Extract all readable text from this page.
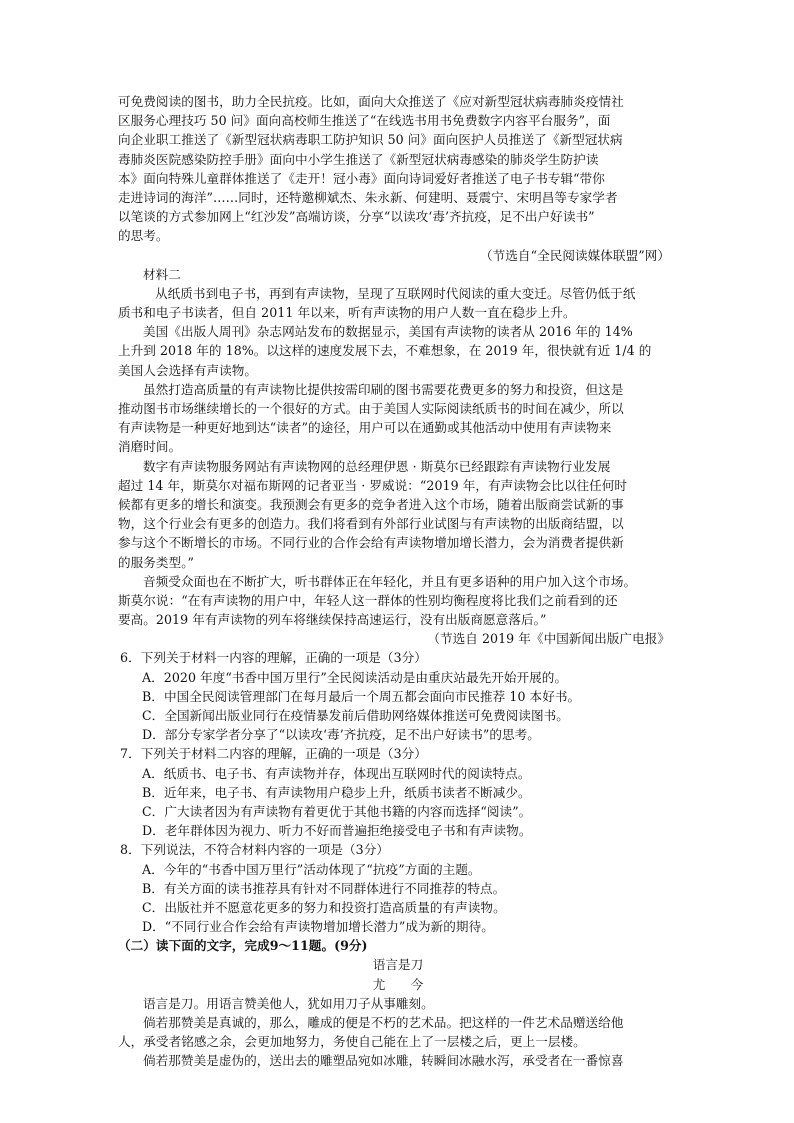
可免费阅读的图书，助力全民抗疫。比如，面向大众推送了《应对新型冠状病毒肺炎疫情社
区服务心理技巧 50 问》面向高校师生推送了“在线选书用书免费数字内容平台服务”，面
向企业职工推送了《新型冠状病毒职工防护知识 50 问》面向医护人员推送了《新型冠状病
毒肺炎医院感染防控手册》面向中小学生推送了《新型冠状病毒感染的肺炎学生防护读
本》面向特殊儿童群体推送了《走开！冠小毒》面向诗词爱好者推送了电子书专辑“带你
走进诗词的海洋”……同时，还特邀柳斌杰、朱永新、何建明、聂震宁、宋明昌等专家学者
以笔谈的方式参加网上“红沙发”高端访谈，分享“以读攻‘毒’齐抗疫，足不出户好读书”
的思考。
（节选自“全民阅读媒体联盟”网）
材料二
从纸质书到电子书，再到有声读物，呈现了互联网时代阅读的重大变迁。尽管仍低于纸
质书和电子书读者，但自 2011 年以来，听有声读物的用户人数一直在稳步上升。
美国《出版人周刊》杂志网站发布的数据显示，美国有声读物的读者从 2016 年的 14%
上升到 2018 年的 18%。以这样的速度发展下去，不难想象，在 2019 年，很快就有近 1/4 的
美国人会选择有声读物。
虽然打造高质量的有声读物比提供按需印刷的图书需要花费更多的努力和投资，但这是
推动图书市场继续增长的一个很好的方式。由于美国人实际阅读纸质书的时间在减少，所以
有声读物是一种更好地到达“读者”的途径，用户可以在通勤或其他活动中使用有声读物来
消磨时间。
数字有声读物服务网站有声读物网的总经理伊恩 · 斯莫尔已经跟踪有声读物行业发展
超过 14 年，斯莫尔对福布斯网的记者亚当 · 罗威说：“2019 年，有声读物会比以往任何时
候都有更多的增长和演变。我预测会有更多的竞争者进入这个市场，随着出版商尝试新的事
物，这个行业会有更多的创造力。我们将看到有外部行业试图与有声读物的出版商结盟，以
参与这个不断增长的市场。不同行业的合作会给有声读物增加增长潜力，会为消费者提供新
的服务类型。”
音频受众面也在不断扩大，听书群体正在年轻化，并且有更多语种的用户加入这个市场。
斯莫尔说：“在有声读物的用户中，年轻人这一群体的性别均衡程度将比我们之前看到的还
要高。2019 年有声读物的列车将继续保持高速运行，没有出版商愿意落后。”
（节选自 2019 年《中国新闻出版广电报》
6．下列关于材料一内容的理解，正确的一项是（3分）
A．2020 年度“书香中国万里行”全民阅读活动是由重庆站最先开始开展的。
B．中国全民阅读管理部门在每月最后一个周五都会面向市民推荐 10 本好书。
C．全国新闻出版业同行在疫情暴发前后借助网络媒体推送可免费阅读图书。
D．部分专家学者分享了“以读攻‘毒’齐抗疫，足不出户好读书”的思考。
7．下列关于材料二内容的理解，正确的一项是（3分）
A．纸质书、电子书、有声读物并存，体现出互联网时代的阅读特点。
B．近年来，电子书、有声读物用户稳步上升，纸质书读者不断减少。
C．广大读者因为有声读物有着更优于其他书籍的内容而选择“阅读”。
D．老年群体因为视力、听力不好而普遍拒绝接受电子书和有声读物。
8．下列说法，不符合材料内容的一项是（3分）
A．今年的“书香中国万里行”活动体现了“抗疫”方面的主题。
B．有关方面的读书推荐具有针对不同群体进行不同推荐的特点。
C．出版社并不愿意花更多的努力和投资打造高质量的有声读物。
D．“不同行业合作会给有声读物增加增长潜力”成为新的期待。
（二）读下面的文字，完成9～11题。(9分)
语言是刀
尤　　今
语言是刀。用语言赞美他人，犹如用刀子从事雕刻。
倘若那赞美是真诚的，那么，雕成的便是不朽的艺术品。把这样的一件艺术品赠送给他
人，承受者铭感之余，会更加地努力，务使自己能在上了一层楼之后，更上一层楼。
倘若那赞美是虚伪的，送出去的雕塑品宛如冰雕，转瞬间冰融水泻，承受者在一番惊喜
